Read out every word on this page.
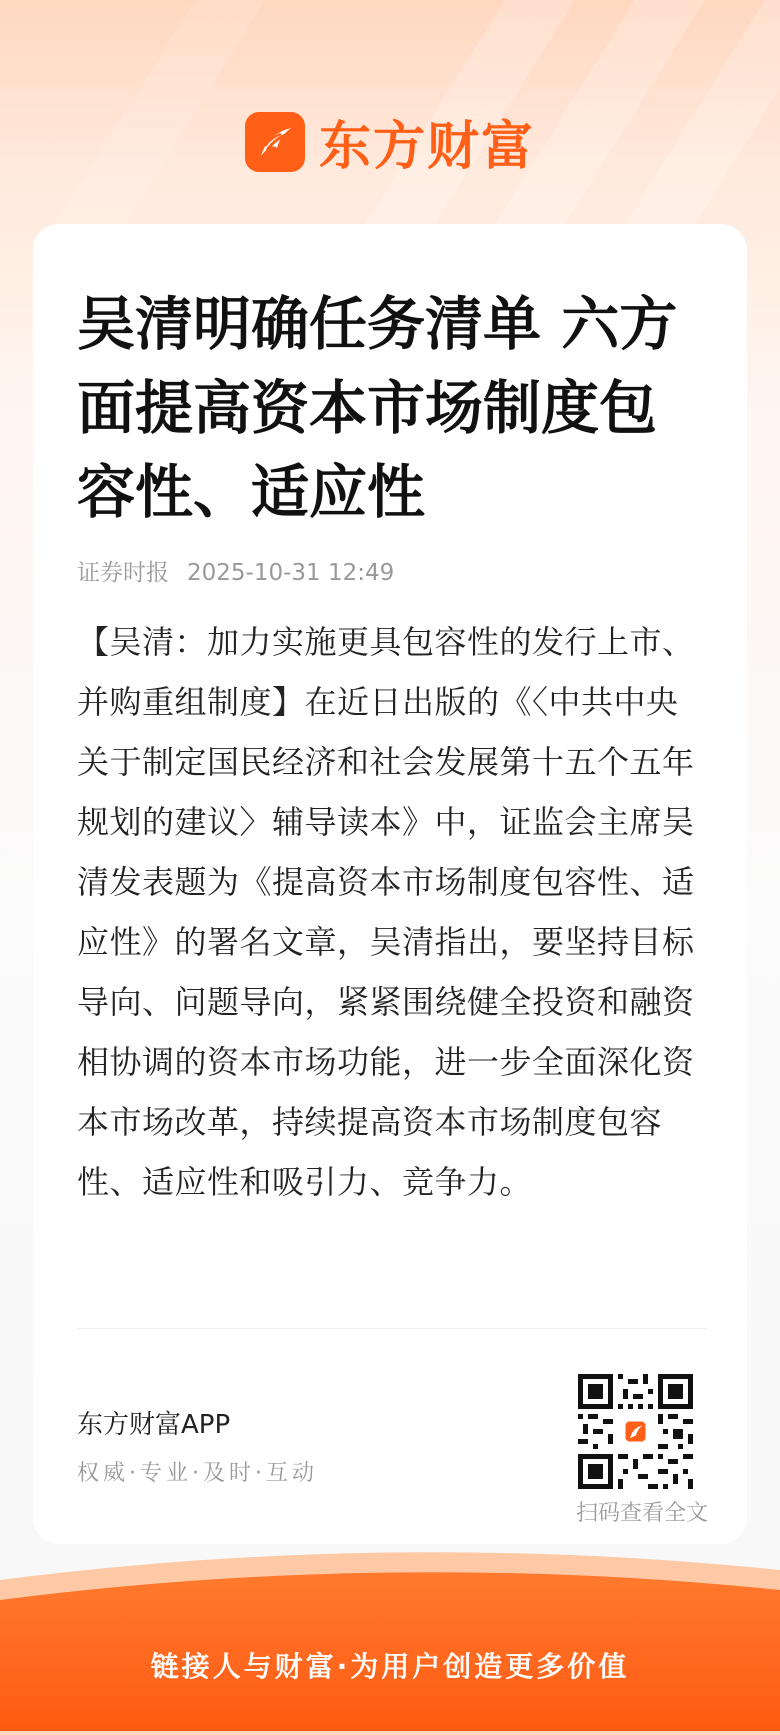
东方财富
吴清明确任务清单 六方面提高资本市场制度包容性、适应性
证券时报 2025-10-31 12:49

【吴清：加力实施更具包容性的发行上市、并购重组制度】在近日出版的《〈中共中央关于制定国民经济和社会发展第十五个五年规划的建议〉辅导读本》中，证监会主席吴清发表题为《提高资本市场制度包容性、适应性》的署名文章，吴清指出，要坚持目标导向、问题导向，紧紧围绕健全投资和融资相协调的资本市场功能，进一步全面深化资本市场改革，持续提高资本市场制度包容性、适应性和吸引力、竞争力。

东方财富APP
权威·专业·及时·互动
扫码查看全文
链接人与财富·为用户创造更多价值
